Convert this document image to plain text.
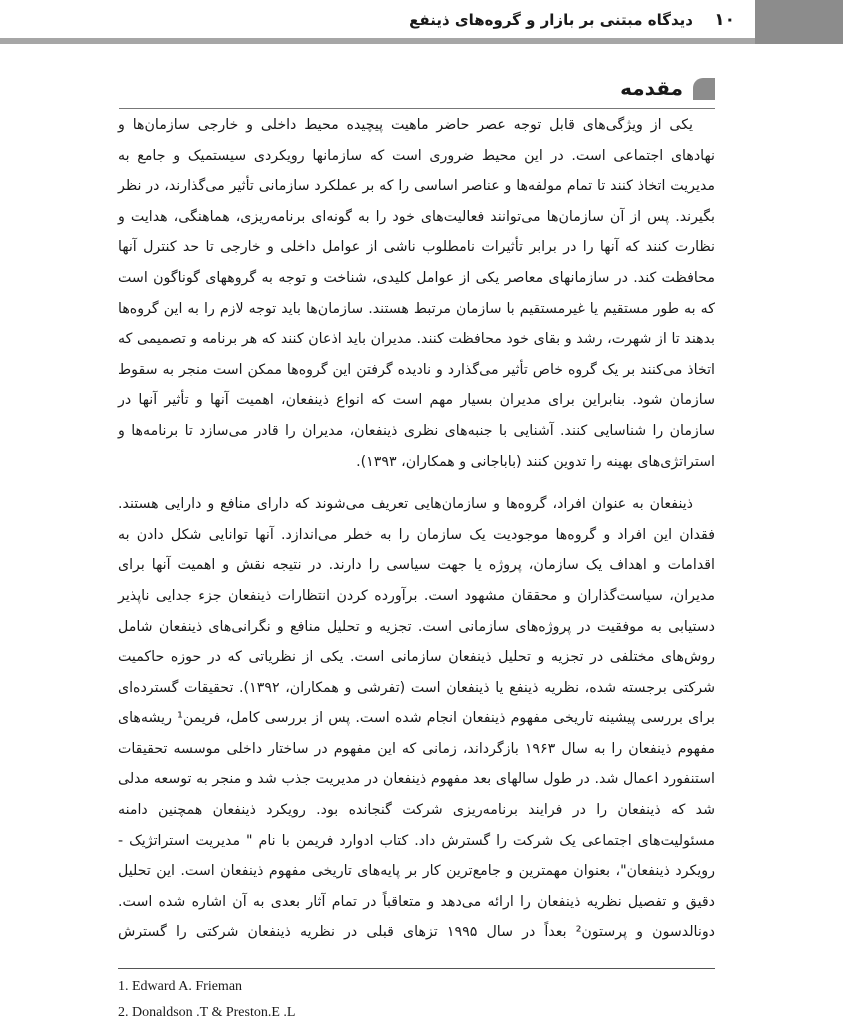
۱۰
دیدگاه مبتنی بر بازار و گروه‌های ذینفع
مقدمه

یکی از ویژگی‌های قابل توجه عصر حاضر ماهیت پیچیده محیط داخلی و خارجی سازمان‌ها و نهادهای اجتماعی است. در این محیط ضروری است که سازمانها رویکردی سیستمیک و جامع به مدیریت اتخاذ کنند تا تمام مولفه‌ها و عناصر اساسی را که بر عملکرد سازمانی تأثیر می‌گذارند، در نظر بگیرند. پس از آن سازمان‌ها می‌توانند فعالیت‌های خود را به گونه‌ای برنامه‌ریزی، هماهنگی، هدایت و نظارت کنند که آنها را در برابر تأثیرات نامطلوب ناشی از عوامل داخلی و خارجی تا حد کنترل آنها محافظت کند. در سازمانهای معاصر یکی از عوامل کلیدی، شناخت و توجه به گروههای گوناگون است که به طور مستقیم یا غیرمستقیم با سازمان مرتبط هستند. سازمان‌ها باید توجه لازم را به این گروه‌ها بدهند تا از شهرت، رشد و بقای خود محافظت کنند. مدیران باید اذعان کنند که هر برنامه و تصمیمی که اتخاذ می‌کنند بر یک گروه خاص تأثیر می‌گذارد و نادیده گرفتن این گروه‌ها ممکن است منجر به سقوط سازمان شود. بنابراین برای مدیران بسیار مهم است که انواع ذینفعان، اهمیت آنها و تأثیر آنها در سازمان را شناسایی کنند. آشنایی با جنبه‌های نظری ذینفعان، مدیران را قادر می‌سازد تا برنامه‌ها و استراتژی‌های بهینه را تدوین کنند (باباجانی و همکاران، ۱۳۹۳).

ذینفعان به عنوان افراد، گروه‌ها و سازمان‌هایی تعریف می‌شوند که دارای منافع و دارایی هستند. فقدان این افراد و گروه‌ها موجودیت یک سازمان را به خطر می‌اندازد. آنها توانایی شکل دادن به اقدامات و اهداف یک سازمان، پروژه یا جهت سیاسی را دارند. در نتیجه نقش و اهمیت آنها برای مدیران، سیاست‌گذاران و محققان مشهود است. برآورده کردن انتظارات ذینفعان جزء جدایی ناپذیر دستیابی به موفقیت در پروژه‌های سازمانی است. تجزیه و تحلیل منافع و نگرانی‌های ذینفعان شامل روش‌های مختلفی در تجزیه و تحلیل ذینفعان سازمانی است. یکی از نظریاتی که در حوزه حاکمیت شرکتی برجسته شده، نظریه ذینفع یا ذینفعان است (تفرشی و همکاران، ۱۳۹۲). تحقیقات گسترده‌ای برای بررسی پیشینه تاریخی مفهوم ذینفعان انجام شده است. پس از بررسی کامل، فریمن¹ ریشه‌های مفهوم ذینفعان را به سال ۱۹۶۳ بازگرداند، زمانی که این مفهوم در ساختار داخلی موسسه تحقیقات استنفورد اعمال شد. در طول سالهای بعد مفهوم ذینفعان در مدیریت جذب شد و منجر به توسعه مدلی شد که ذینفعان را در فرایند برنامه‌ریزی شرکت گنجانده بود. رویکرد ذینفعان همچنین دامنه مسئولیت‌های اجتماعی یک شرکت را گسترش داد. کتاب ادوارد فریمن با نام " مدیریت استراتژیک - رویکرد ذینفعان"، بعنوان مهمترین و جامع‌ترین کار بر پایه‌های تاریخی مفهوم ذینفعان است. این تحلیل دقیق و تفصیل نظریه ذینفعان را ارائه می‌دهد و متعاقباً در تمام آثار بعدی به آن اشاره شده است. دونالدسون و پرستون² بعداً در سال ۱۹۹۵ تزهای قبلی در نظریه ذینفعان شرکتی را گسترش

1. Edward A. Frieman
2. Donaldson .T & Preston.E .L
